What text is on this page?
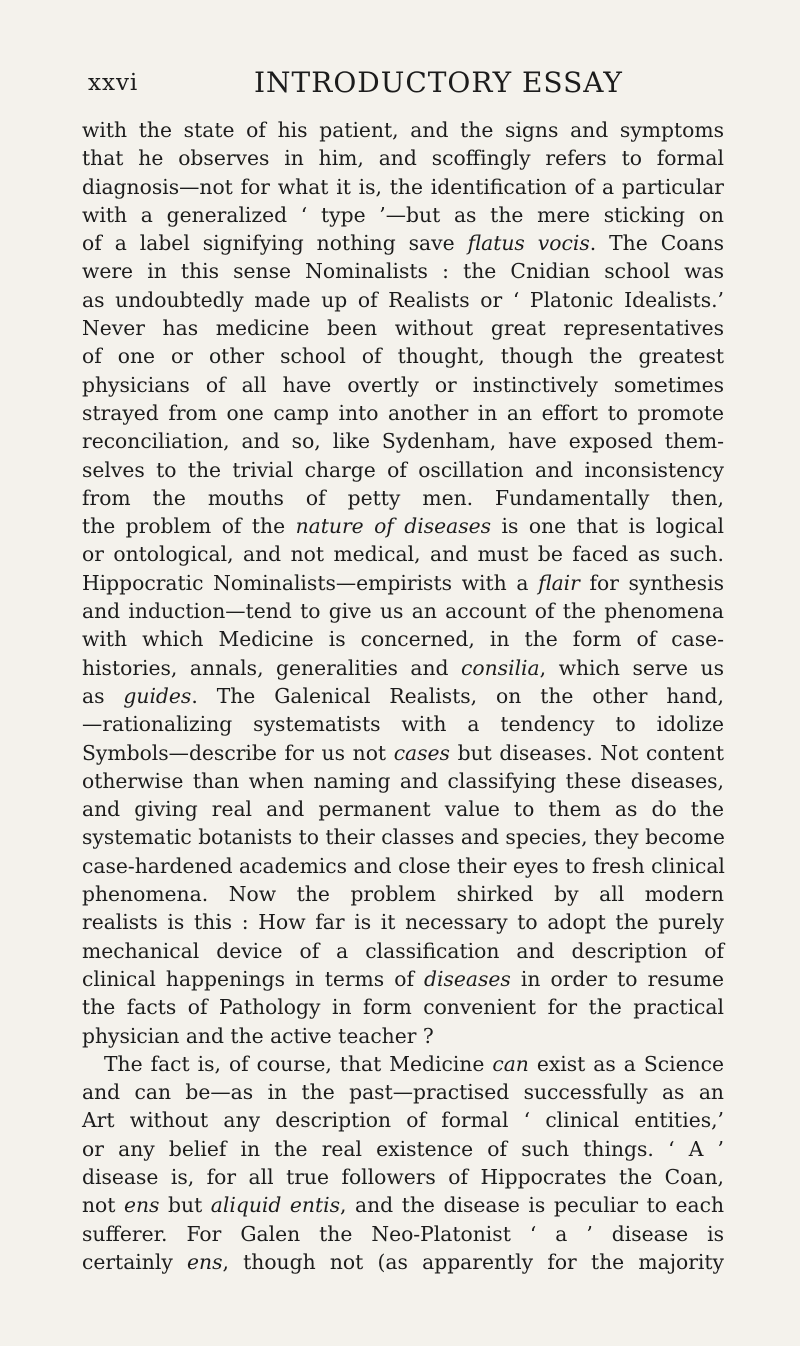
xxvi	INTRODUCTORY ESSAY
with the state of his patient, and the signs and symptoms
that he observes in him, and scoffingly refers to formal
diagnosis—not for what it is, the identification of a particular
with a generalized ‘ type ’—but as the mere sticking on
of a label signifying nothing save flatus vocis. The Coans
were in this sense Nominalists : the Cnidian school was
as undoubtedly made up of Realists or ‘ Platonic Idealists.’
Never has medicine been without great representatives
of one or other school of thought, though the greatest
physicians of all have overtly or instinctively sometimes
strayed from one camp into another in an effort to promote
reconciliation, and so, like Sydenham, have exposed them-
selves to the trivial charge of oscillation and inconsistency
from the mouths of petty men. Fundamentally then,
the problem of the nature of diseases is one that is logical
or ontological, and not medical, and must be faced as such.
Hippocratic Nominalists—empirists with a flair for synthesis
and induction—tend to give us an account of the phenomena
with which Medicine is concerned, in the form of case-
histories, annals, generalities and consilia, which serve us
as guides. The Galenical Realists, on the other hand,
—rationalizing systematists with a tendency to idolize
Symbols—describe for us not cases but diseases. Not content
otherwise than when naming and classifying these diseases,
and giving real and permanent value to them as do the
systematic botanists to their classes and species, they become
case-hardened academics and close their eyes to fresh clinical
phenomena. Now the problem shirked by all modern
realists is this : How far is it necessary to adopt the purely
mechanical device of a classification and description of
clinical happenings in terms of diseases in order to resume
the facts of Pathology in form convenient for the practical
physician and the active teacher ?
The fact is, of course, that Medicine can exist as a Science
and can be—as in the past—practised successfully as an
Art without any description of formal ‘ clinical entities,’
or any belief in the real existence of such things. ‘ A ’
disease is, for all true followers of Hippocrates the Coan,
not ens but aliquid entis, and the disease is peculiar to each
sufferer. For Galen the Neo-Platonist ‘ a ’ disease is
certainly ens, though not (as apparently for the majority
